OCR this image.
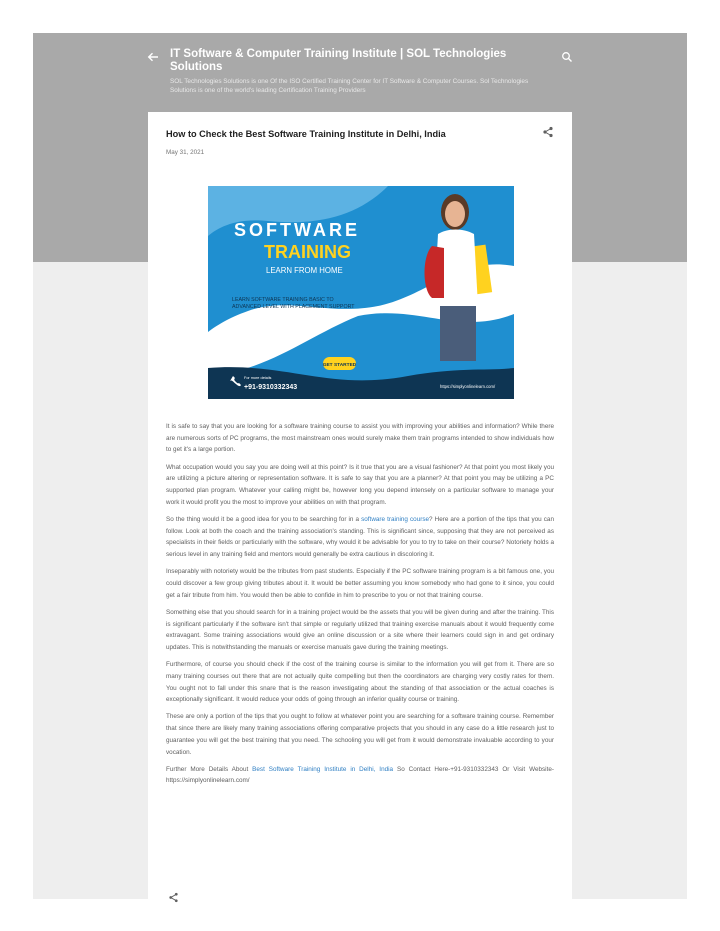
IT Software & Computer Training Institute | SOL Technologies Solutions

SOL Technologies Solutions is one Of the ISO Certified Training Center for IT Software & Computer Courses. Sol Technologies Solutions is one of the world's leading Certification Training Providers

How to Check the Best Software Training Institute in Delhi, India
May 31, 2021
SOFTWARE
TRAINING
LEARN FROM HOME
LEARN SOFTWARE TRAINING BASIC TO
ADVANCED LEVEL WITH PLACEMENT SUPPORT
GET STARTED
For more details
+91-9310332343	https://simplyonlinelearn.com/

It is safe to say that you are looking for a software training course to assist you with improving your abilities and information? While there are numerous sorts of PC programs, the most mainstream ones would surely make them train programs intended to show individuals how to get it's a large portion.

What occupation would you say you are doing well at this point? Is it true that you are a visual fashioner? At that point you most likely you are utilizing a picture altering or representation software. It is safe to say that you are a planner? At that point you may be utilizing a PC supported plan program. Whatever your calling might be, however long you depend intensely on a particular software to manage your work it would profit you the most to improve your abilities on with that program.

So the thing would it be a good idea for you to be searching for in a software training course? Here are a portion of the tips that you can follow. Look at both the coach and the training association's standing. This is significant since, supposing that they are not perceived as specialists in their fields or particularly with the software, why would it be advisable for you to try to take on their course? Notoriety holds a serious level in any training field and mentors would generally be extra cautious in discoloring it.

Inseparably with notoriety would be the tributes from past students. Especially if the PC software training program is a bit famous one, you could discover a few group giving tributes about it. It would be better assuming you know somebody who had gone to it since, you could get a fair tribute from him. You would then be able to confide in him to prescribe to you or not that training course.

Something else that you should search for in a training project would be the assets that you will be given during and after the training. This is significant particularly if the software isn't that simple or regularly utilized that training exercise manuals about it would frequently come extravagant. Some training associations would give an online discussion or a site where their learners could sign in and get ordinary updates. This is notwithstanding the manuals or exercise manuals gave during the training meetings.

Furthermore, of course you should check if the cost of the training course is similar to the information you will get from it. There are so many training courses out there that are not actually quite compelling but then the coordinators are charging very costly rates for them. You ought not to fall under this snare that is the reason investigating about the standing of that association or the actual coaches is exceptionally significant. It would reduce your odds of going through an inferior quality course or training.

These are only a portion of the tips that you ought to follow at whatever point you are searching for a software training course. Remember that since there are likely many training associations offering comparative projects that you should in any case do a little research just to guarantee you will get the best training that you need. The schooling you will get from it would demonstrate invaluable according to your vocation.

Further More Details About Best Software Training Institute in Delhi, India So Contact Here-+91-9310332343 Or Visit Website- https://simplyonlinelearn.com/
